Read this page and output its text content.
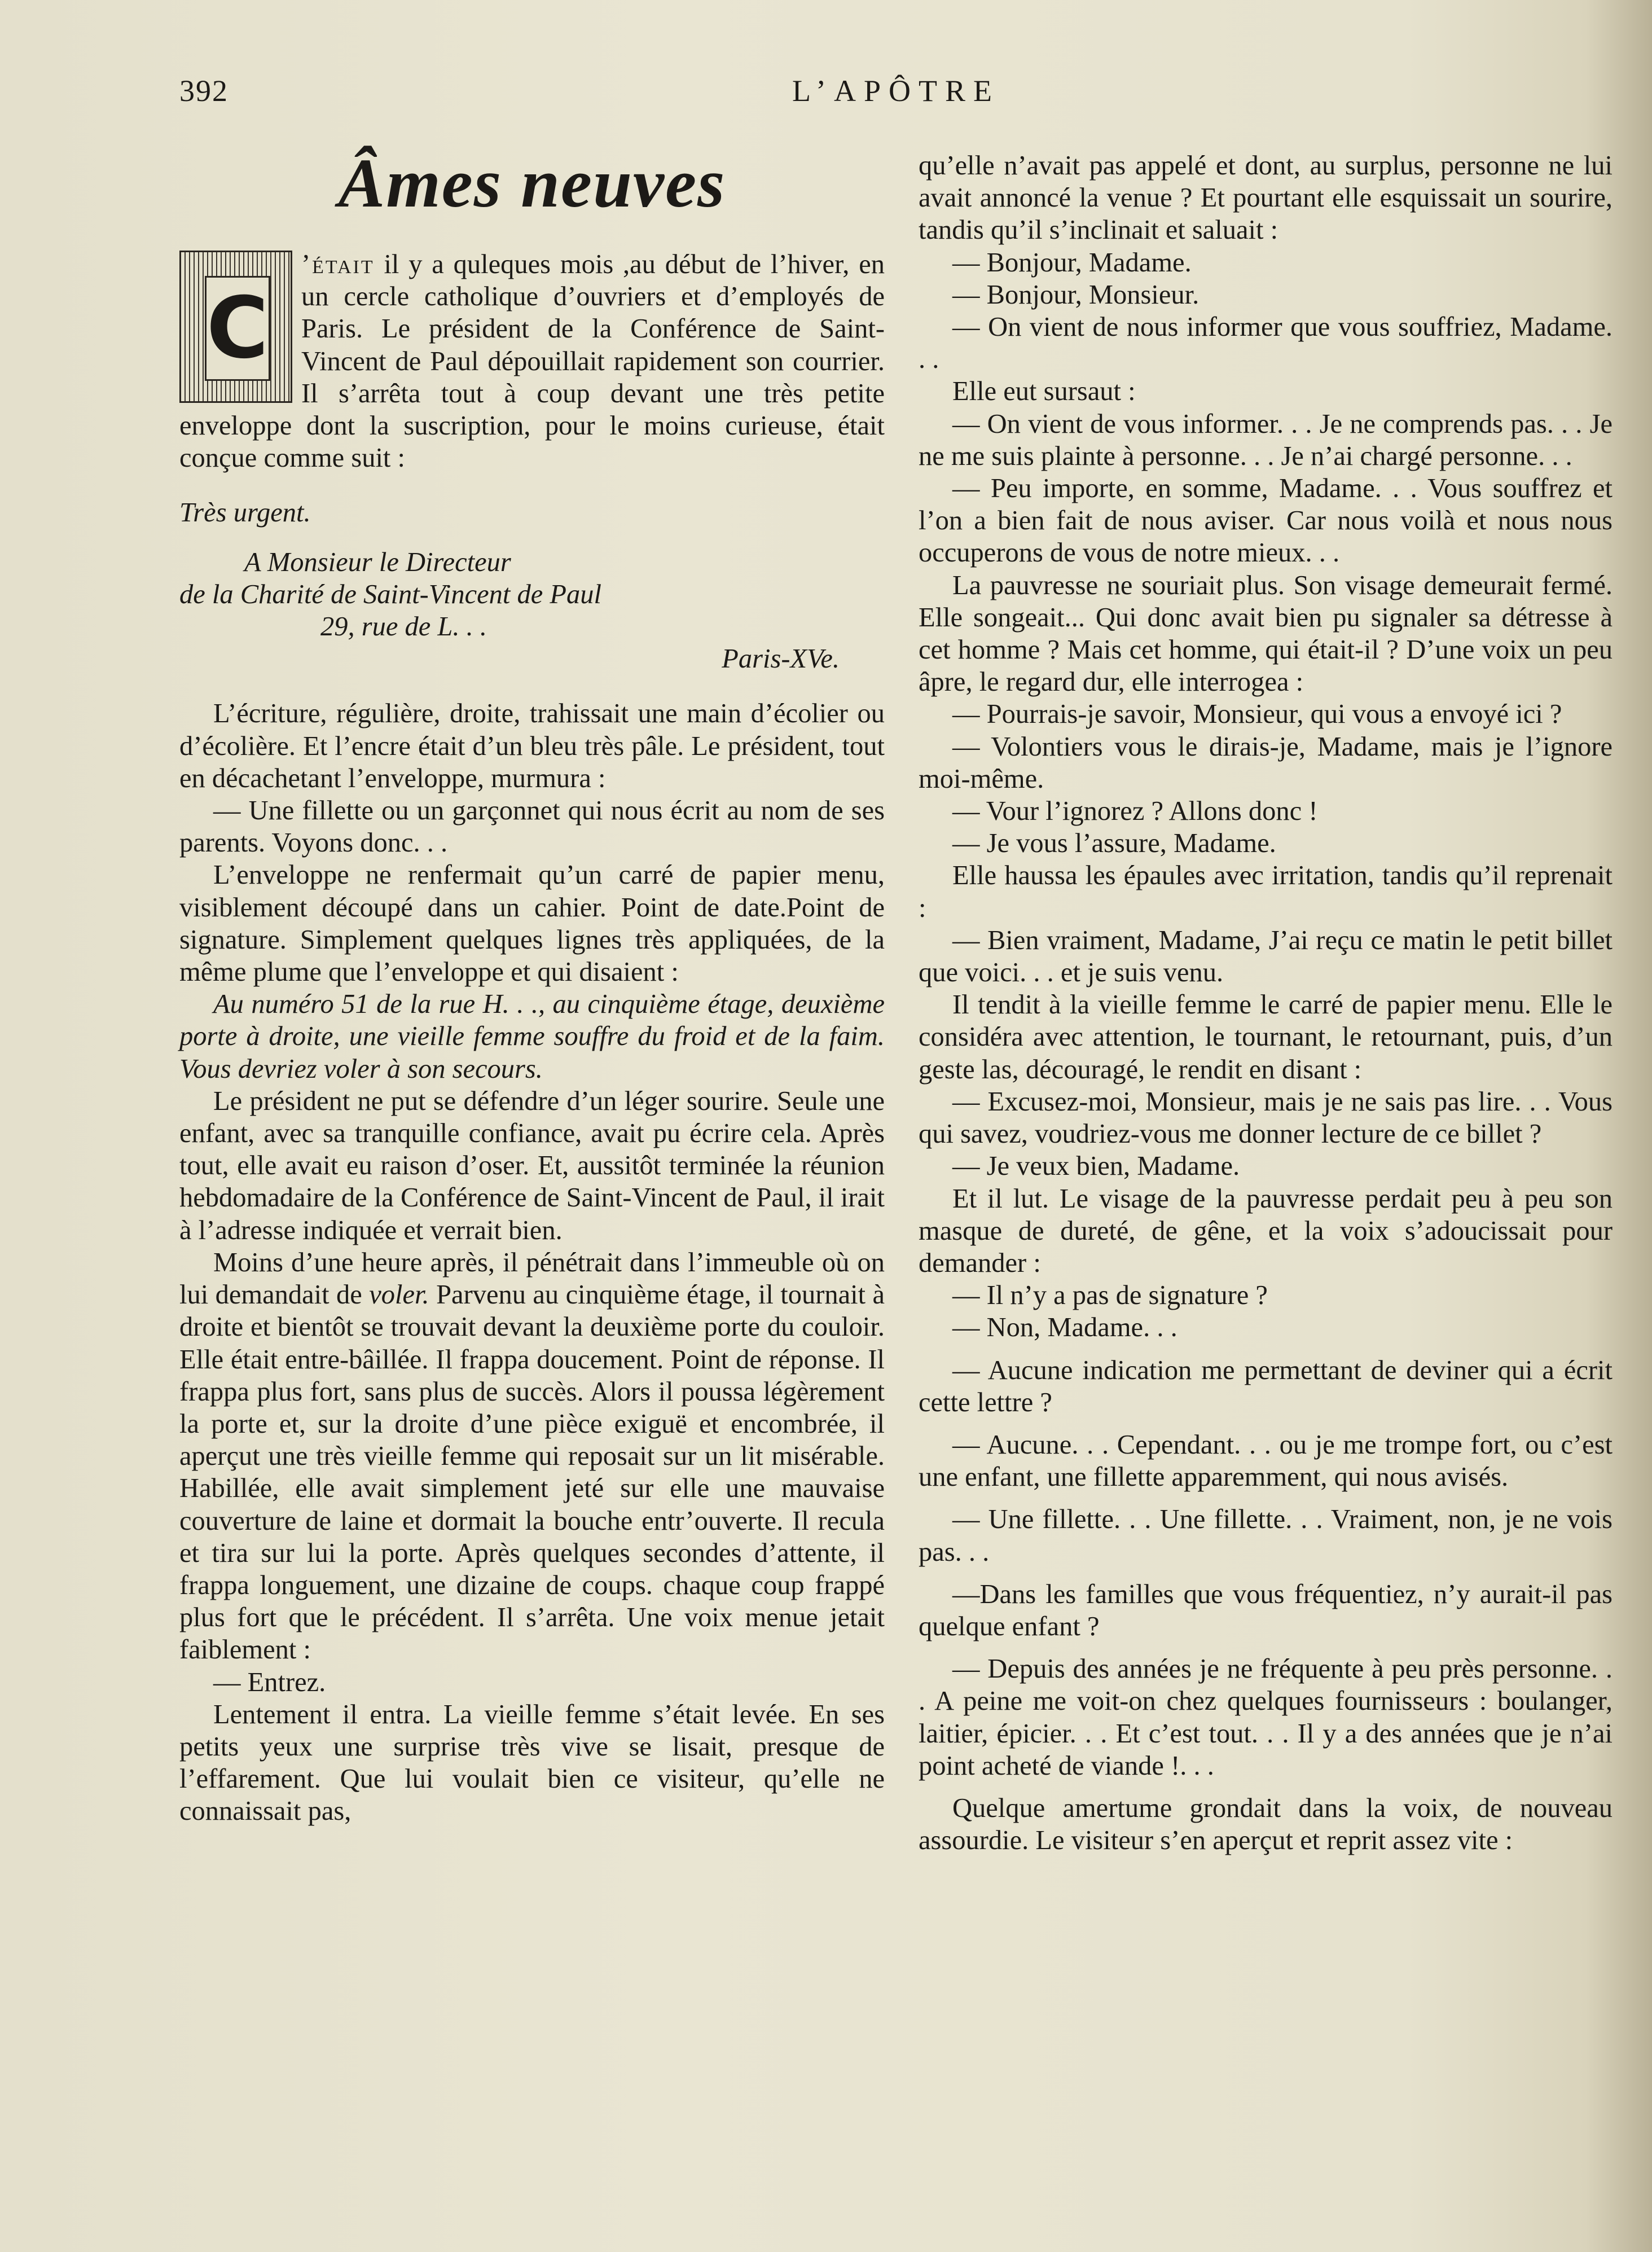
392	L’APÔTRE
Âmes neuves
C

’était il y a quleques mois ,au début de l’hiver, en un cercle catholique d’ouvriers et d’employés de Paris. Le président de la Conférence de Saint-Vincent de Paul dépouillait rapidement son courrier. Il s’arrêta tout à coup devant une très petite enveloppe dont la suscription, pour le moins curieuse, était conçue comme suit :

Très urgent.

A Monsieur le Directeur

de la Charité de Saint-Vincent de Paul

29, rue de L. . .

Paris-XVe.

L’écriture, régulière, droite, trahissait une main d’écolier ou d’écolière. Et l’encre était d’un bleu très pâle. Le président, tout en décachetant l’enveloppe, murmura :

— Une fillette ou un garçonnet qui nous écrit au nom de ses parents. Voyons donc. . .

L’enveloppe ne renfermait qu’un carré de papier menu, visiblement découpé dans un cahier. Point de date.Point de signature. Simplement quelques lignes très appliquées, de la même plume que l’enveloppe et qui disaient :

Au numéro 51 de la rue H. . ., au cinquième étage, deuxième porte à droite, une vieille femme souffre du froid et de la faim. Vous devriez voler à son secours.

Le président ne put se défendre d’un léger sourire. Seule une enfant, avec sa tranquille confiance, avait pu écrire cela. Après tout, elle avait eu raison d’oser. Et, aussitôt terminée la réunion hebdomadaire de la Conférence de Saint-Vincent de Paul, il irait à l’adresse indiquée et verrait bien.

Moins d’une heure après, il pénétrait dans l’immeuble où on lui demandait de voler. Parvenu au cinquième étage, il tournait à droite et bientôt se trouvait devant la deuxième porte du couloir. Elle était entre-bâillée. Il frappa doucement. Point de réponse. Il frappa plus fort, sans plus de succès. Alors il poussa légèrement la porte et, sur la droite d’une pièce exiguë et encombrée, il aperçut une très vieille femme qui reposait sur un lit misérable. Habillée, elle avait simplement jeté sur elle une mauvaise couverture de laine et dormait la bouche entr’ouverte. Il recula et tira sur lui la porte. Après quelques secondes d’attente, il frappa longuement, une dizaine de coups. chaque coup frappé plus fort que le précédent. Il s’arrêta. Une voix menue jetait faiblement :

— Entrez.

Lentement il entra. La vieille femme s’était levée. En ses petits yeux une surprise très vive se lisait, presque de l’effarement. Que lui voulait bien ce visiteur, qu’elle ne connaissait pas,

qu’elle n’avait pas appelé et dont, au surplus, personne ne lui avait annoncé la venue ? Et pourtant elle esquissait un sourire, tandis qu’il s’inclinait et saluait :

— Bonjour, Madame.

— Bonjour, Monsieur.

— On vient de nous informer que vous souffriez, Madame. . .

Elle eut sursaut :

— On vient de vous informer. . . Je ne comprends pas. . . Je ne me suis plainte à personne. . . Je n’ai chargé personne. . .

— Peu importe, en somme, Madame. . . Vous souffrez et l’on a bien fait de nous aviser. Car nous voilà et nous nous occuperons de vous de notre mieux. . .

La pauvresse ne souriait plus. Son visage demeurait fermé. Elle songeait... Qui donc avait bien pu signaler sa détresse à cet homme ? Mais cet homme, qui était-il ? D’une voix un peu âpre, le regard dur, elle interrogea :

— Pourrais-je savoir, Monsieur, qui vous a envoyé ici ?

— Volontiers vous le dirais-je, Madame, mais je l’ignore moi-même.

— Vour l’ignorez ? Allons donc !

— Je vous l’assure, Madame.

Elle haussa les épaules avec irritation, tandis qu’il reprenait :

— Bien vraiment, Madame, J’ai reçu ce matin le petit billet que voici. . . et je suis venu.

Il tendit à la vieille femme le carré de papier menu. Elle le considéra avec attention, le tournant, le retournant, puis, d’un geste las, découragé, le rendit en disant :

— Excusez-moi, Monsieur, mais je ne sais pas lire. . . Vous qui savez, voudriez-vous me donner lecture de ce billet ?

— Je veux bien, Madame.

Et il lut. Le visage de la pauvresse perdait peu à peu son masque de dureté, de gêne, et la voix s’adoucissait pour demander :

— Il n’y a pas de signature ?

— Non, Madame. . .

— Aucune indication me permettant de deviner qui a écrit cette lettre ?

— Aucune. . . Cependant. . . ou je me trompe fort, ou c’est une enfant, une fillette apparemment, qui nous avisés.

— Une fillette. . . Une fillette. . . Vraiment, non, je ne vois pas. . .

—Dans les familles que vous fréquentiez, n’y aurait-il pas quelque enfant ?

— Depuis des années je ne fréquente à peu près personne. . . A peine me voit-on chez quelques fournisseurs : boulanger, laitier, épicier. . . Et c’est tout. . . Il y a des années que je n’ai point acheté de viande !. . .

Quelque amertume grondait dans la voix, de nouveau assourdie. Le visiteur s’en aperçut et reprit assez vite :
